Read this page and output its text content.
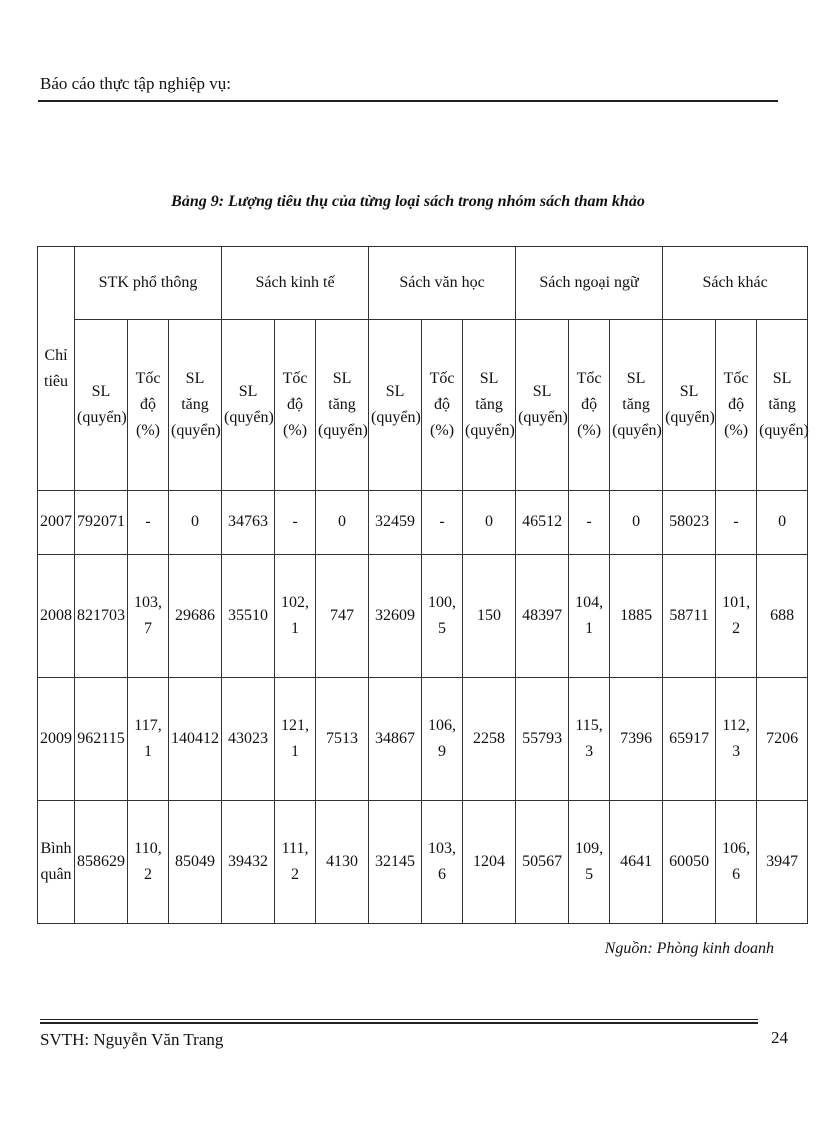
Báo cáo thực tập nghiệp vụ:
Bảng 9: Lượng tiêu thụ của từng loại sách trong nhóm sách tham khảo
Chỉ
tiêu	STK phổ thông			Sách kinh tế			Sách văn học			Sách ngoại ngữ			Sách khác		

	SL
(quyển)	Tốc
độ
(%)	SL
tăng
(quyển)	SL
(quyển)	Tốc
độ
(%)	SL
tăng
(quyển)	SL
(quyển)	Tốc
độ
(%)	SL
tăng
(quyển)	SL
(quyển)	Tốc
độ
(%)	SL
tăng
(quyển)	SL
(quyển)	Tốc
độ
(%)	SL
tăng
(quyển)

2007	792071	-	0	34763	-	0	32459	-	0	46512	-	0	58023	-	0

2008	821703	103,
7	29686	35510	102,
1	747	32609	100,
5	150	48397	104,
1	1885	58711	101,
2	688

2009	962115	117,
1	140412	43023	121,
1	7513	34867	106,
9	2258	55793	115,
3	7396	65917	112,
3	7206

Bình
quân	858629	110,
2	85049	39432	111,
2	4130	32145	103,
6	1204	50567	109,
5	4641	60050	106,
6	3947
Nguồn: Phòng kinh doanh
SVTH: Nguyễn Văn Trang	24
